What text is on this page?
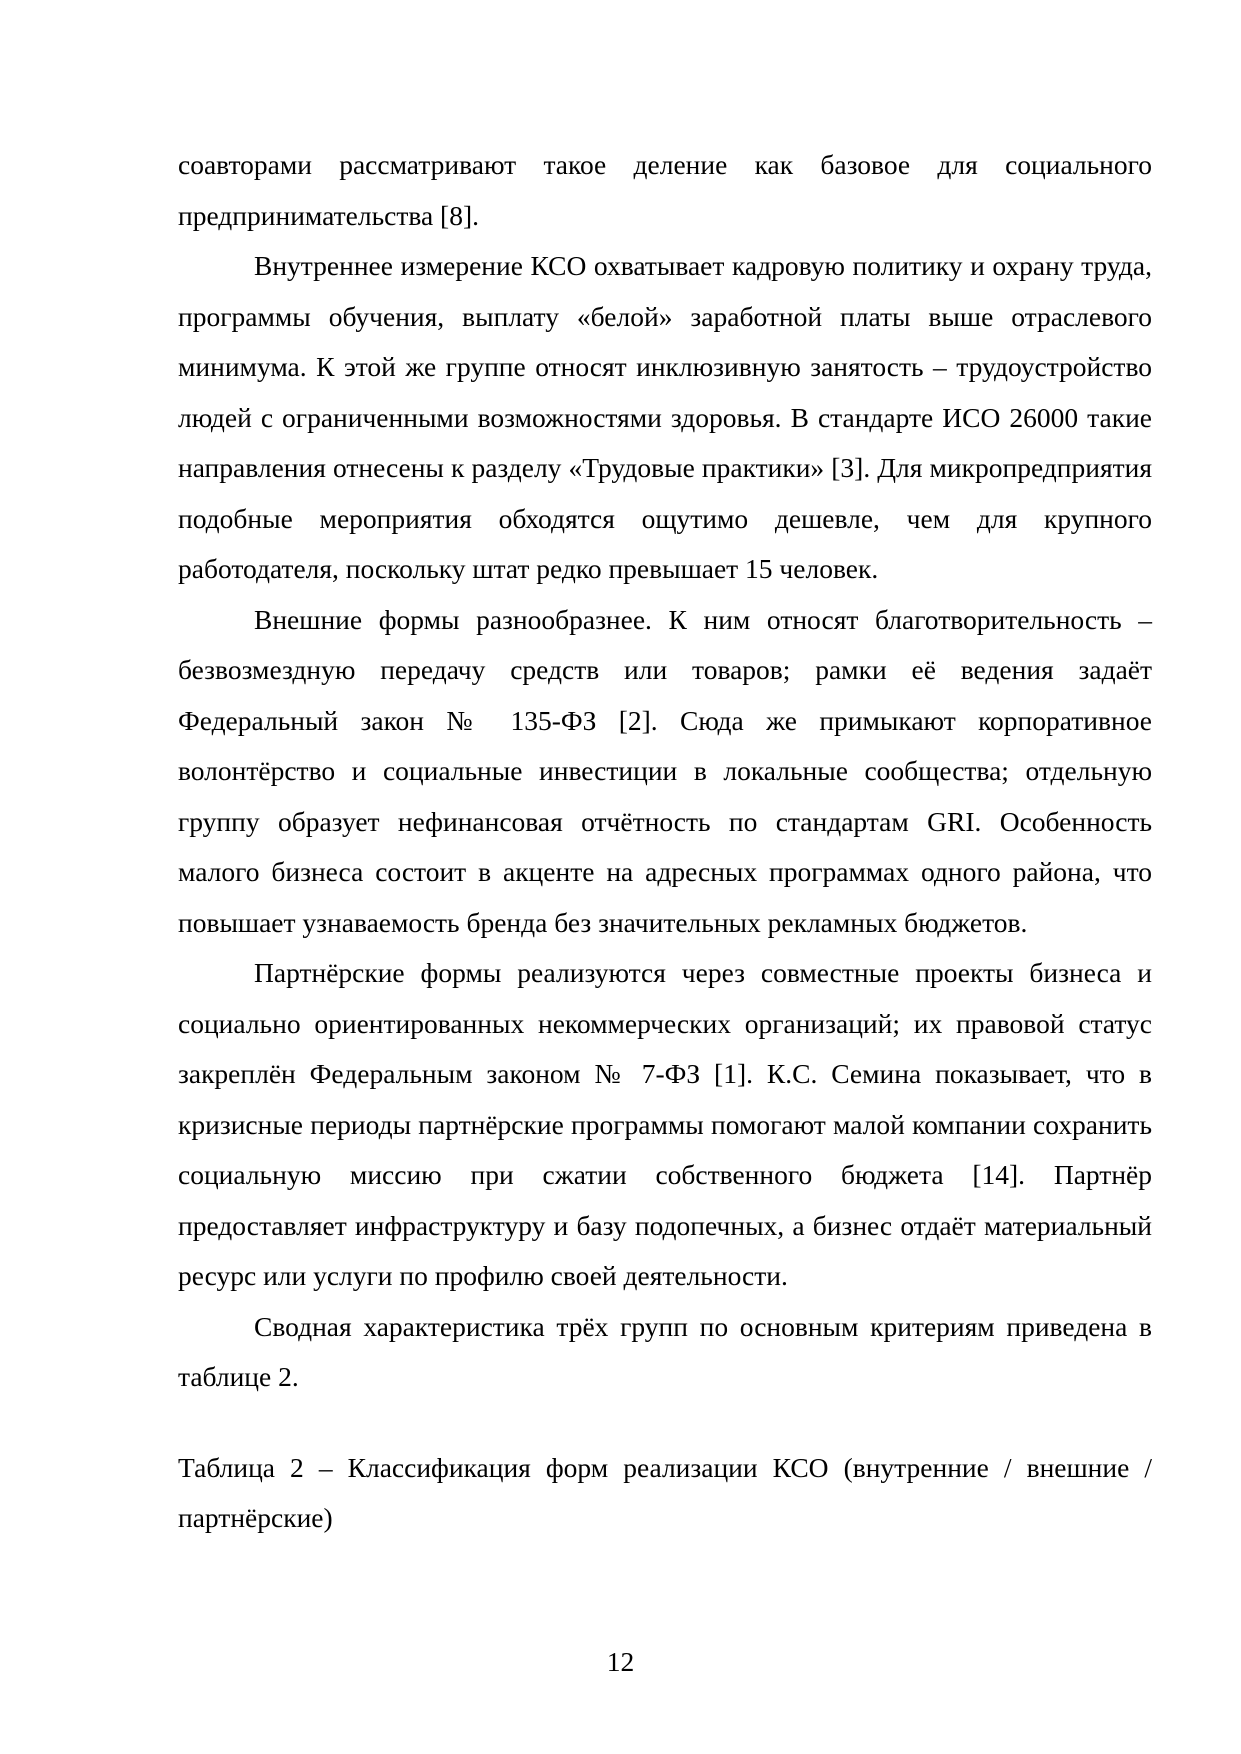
соавторами рассматривают такое деление как базовое для социального предпринимательства [8].

Внутреннее измерение КСО охватывает кадровую политику и охрану труда, программы обучения, выплату «белой» заработной платы выше отраслевого минимума. К этой же группе относят инклюзивную занятость – трудоустройство людей с ограниченными возможностями здоровья. В стандарте ИСО 26000 такие направления отнесены к разделу «Трудовые практики» [3]. Для микропредприятия подобные мероприятия обходятся ощутимо дешевле, чем для крупного работодателя, поскольку штат редко превышает 15 человек.

Внешние формы разнообразнее. К ним относят благотворительность – безвозмездную передачу средств или товаров; рамки её ведения задаёт Федеральный закон № 135-ФЗ [2]. Сюда же примыкают корпоративное волонтёрство и социальные инвестиции в локальные сообщества; отдельную группу образует нефинансовая отчётность по стандартам GRI. Особенность малого бизнеса состоит в акценте на адресных программах одного района, что повышает узнаваемость бренда без значительных рекламных бюджетов.

Партнёрские формы реализуются через совместные проекты бизнеса и социально ориентированных некоммерческих организаций; их правовой статус закреплён Федеральным законом № 7-ФЗ [1]. К.С. Семина показывает, что в кризисные периоды партнёрские программы помогают малой компании сохранить социальную миссию при сжатии собственного бюджета [14]. Партнёр предоставляет инфраструктуру и базу подопечных, а бизнес отдаёт материальный ресурс или услуги по профилю своей деятельности.

Сводная характеристика трёх групп по основным критериям приведена в таблице 2.

Таблица 2 – Классификация форм реализации КСО (внутренние / внешние / партнёрские)

12
